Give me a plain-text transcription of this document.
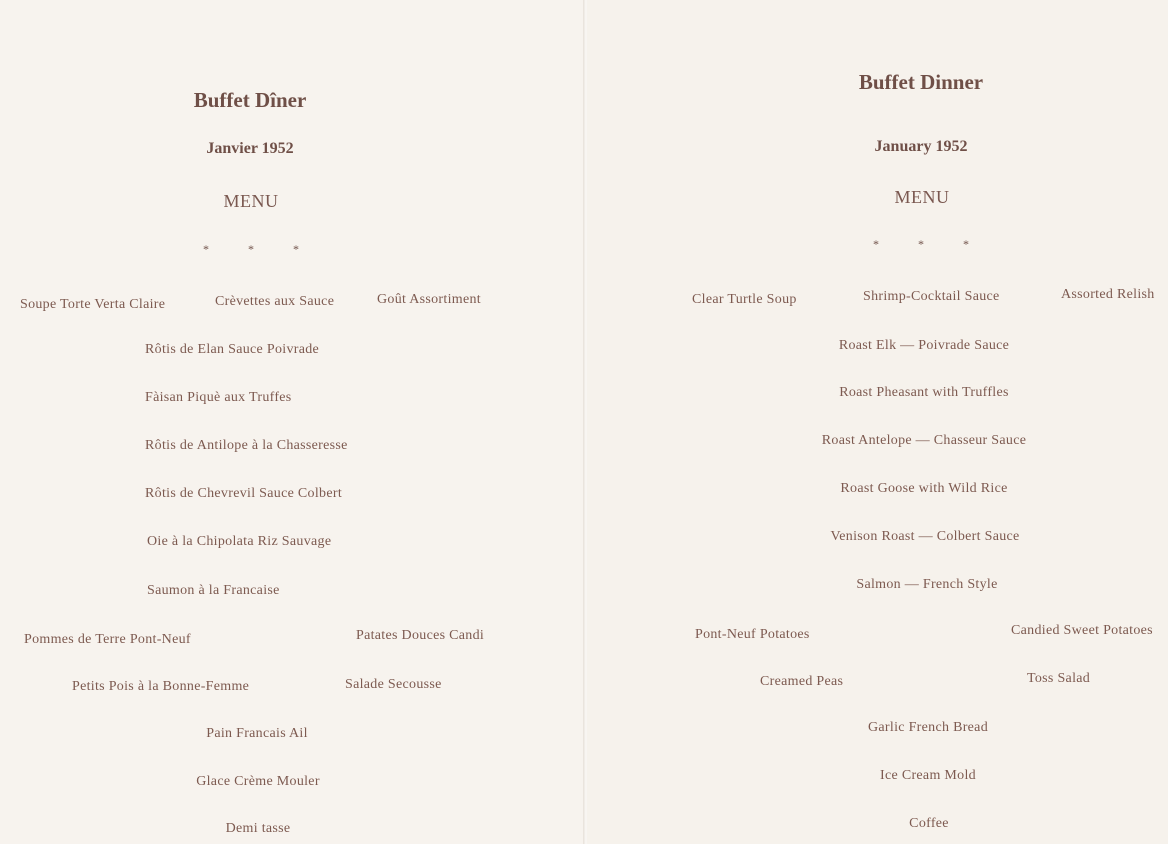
Buffet Dîner
Janvier 1952
MENU
* * *
Soupe Torte Verta Claire	Crèvettes aux Sauce	Goût Assortiment
Rôtis de Elan Sauce Poivrade
Fàisan Piquè aux Truffes
Rôtis de Antilope à la Chasseresse
Rôtis de Chevrevil Sauce Colbert
Oie à la Chipolata Riz Sauvage
Saumon à la Francaise
Pommes de Terre Pont-Neuf	Patates Douces Candi
Petits Pois à la Bonne-Femme	Salade Secousse
Pain Francais Ail
Glace Crème Mouler
Demi tasse
Buffet Dinner
January 1952
MENU
* * *
Clear Turtle Soup	Shrimp-Cocktail Sauce	Assorted Relish
Roast Elk — Poivrade Sauce
Roast Pheasant with Truffles
Roast Antelope — Chasseur Sauce
Roast Goose with Wild Rice
Venison Roast — Colbert Sauce
Salmon — French Style
Pont-Neuf Potatoes	Candied Sweet Potatoes
Creamed Peas	Toss Salad
Garlic French Bread
Ice Cream Mold
Coffee
